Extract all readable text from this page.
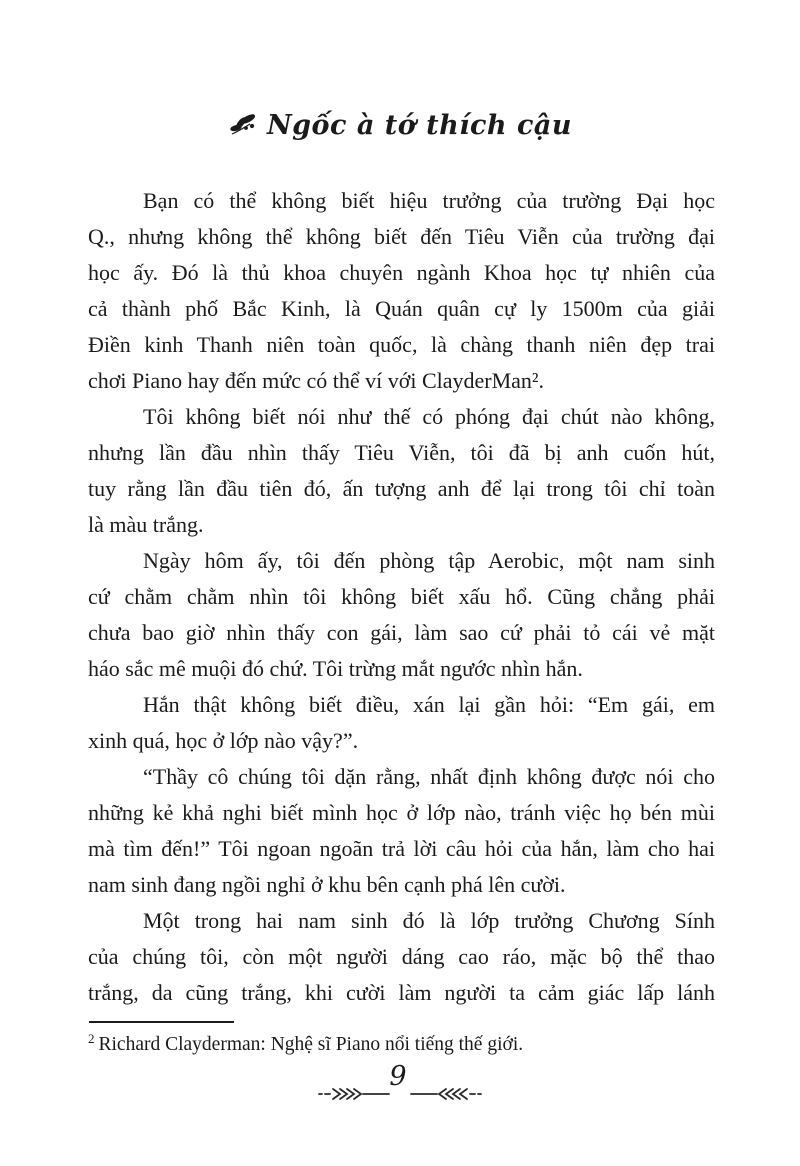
Ngốc à tớ thích cậu
Bạn có thể không biết hiệu trưởng của trường Đại học
Q., nhưng không thể không biết đến Tiêu Viễn của trường đại
học ấy. Đó là thủ khoa chuyên ngành Khoa học tự nhiên của
cả thành phố Bắc Kinh, là Quán quân cự ly 1500m của giải
Điền kinh Thanh niên toàn quốc, là chàng thanh niên đẹp trai
chơi Piano hay đến mức có thể ví với ClayderMan².
Tôi không biết nói như thế có phóng đại chút nào không,
nhưng lần đầu nhìn thấy Tiêu Viễn, tôi đã bị anh cuốn hút,
tuy rằng lần đầu tiên đó, ấn tượng anh để lại trong tôi chỉ toàn
là màu trắng.
Ngày hôm ấy, tôi đến phòng tập Aerobic, một nam sinh
cứ chằm chằm nhìn tôi không biết xấu hổ. Cũng chẳng phải
chưa bao giờ nhìn thấy con gái, làm sao cứ phải tỏ cái vẻ mặt
háo sắc mê muội đó chứ. Tôi trừng mắt ngước nhìn hắn.
Hắn thật không biết điều, xán lại gần hỏi: “Em gái, em
xinh quá, học ở lớp nào vậy?”.
“Thầy cô chúng tôi dặn rằng, nhất định không được nói cho
những kẻ khả nghi biết mình học ở lớp nào, tránh việc họ bén mùi
mà tìm đến!” Tôi ngoan ngoãn trả lời câu hỏi của hắn, làm cho hai
nam sinh đang ngồi nghỉ ở khu bên cạnh phá lên cười.
Một trong hai nam sinh đó là lớp trưởng Chương Sính
của chúng tôi, còn một người dáng cao ráo, mặc bộ thể thao
trắng, da cũng trắng, khi cười làm người ta cảm giác lấp lánh
$^2$ Richard Clayderman: Nghệ sĩ Piano nổi tiếng thế giới.
9
